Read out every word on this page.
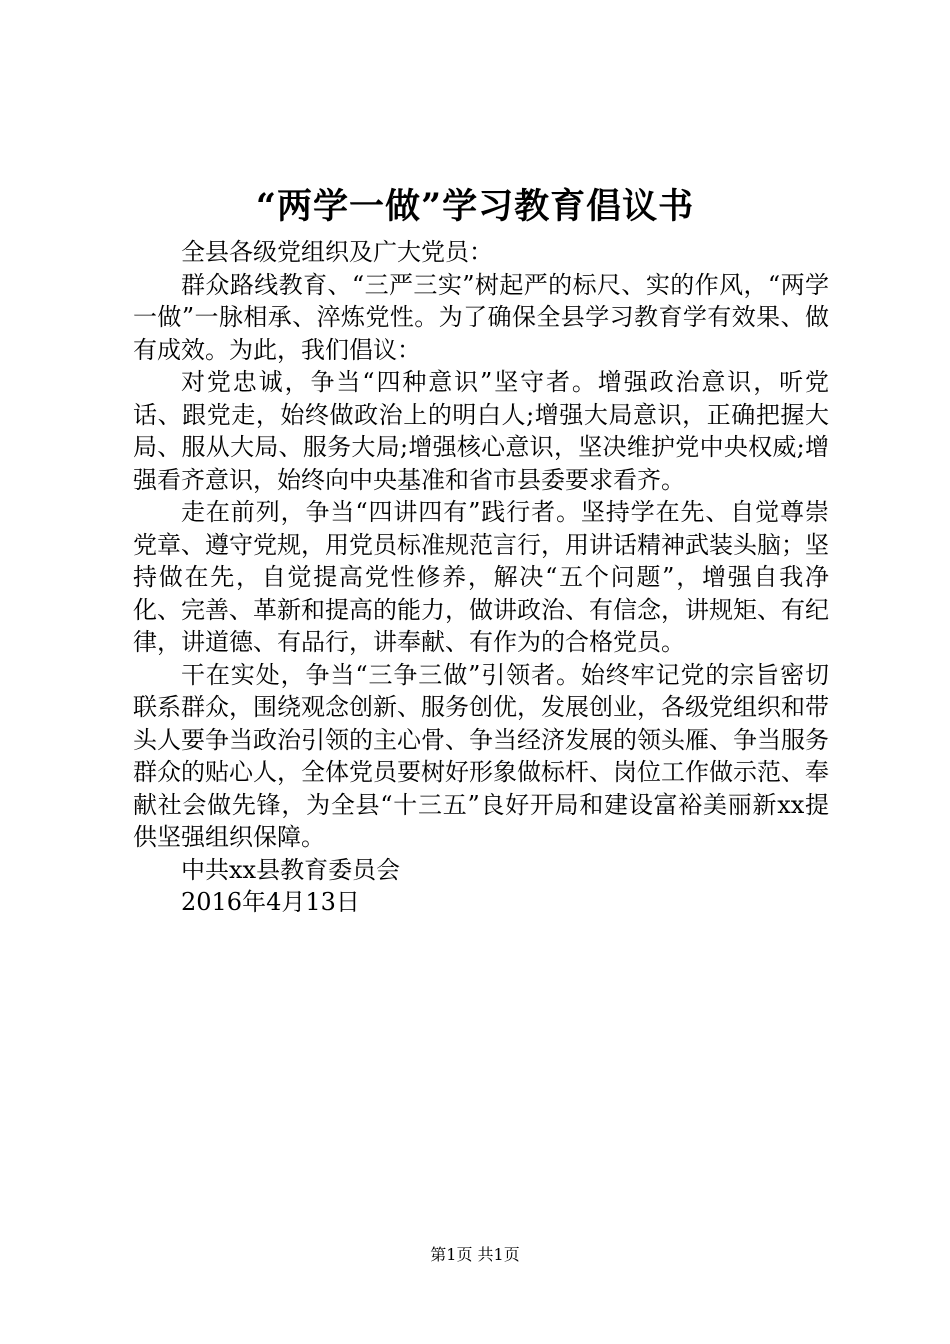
“两学一做”学习教育倡议书

全县各级党组织及广大党员：

群众路线教育、“三严三实”树起严的标尺、实的作风，“两学一做”一脉相承、淬炼党性。为了确保全县学习教育学有效果、做有成效。为此，我们倡议：

对党忠诚，争当“四种意识”坚守者。增强政治意识，听党话、跟党走，始终做政治上的明白人;增强大局意识，正确把握大局、服从大局、服务大局;增强核心意识，坚决维护党中央权威;增强看齐意识，始终向中央基准和省市县委要求看齐。

走在前列，争当“四讲四有”践行者。坚持学在先、自觉尊崇党章、遵守党规，用党员标准规范言行，用讲话精神武装头脑；坚持做在先，自觉提高党性修养，解决“五个问题”，增强自我净化、完善、革新和提高的能力，做讲政治、有信念，讲规矩、有纪律，讲道德、有品行，讲奉献、有作为的合格党员。

干在实处，争当“三争三做”引领者。始终牢记党的宗旨密切联系群众，围绕观念创新、服务创优，发展创业，各级党组织和带头人要争当政治引领的主心骨、争当经济发展的领头雁、争当服务群众的贴心人，全体党员要树好形象做标杆、岗位工作做示范、奉献社会做先锋，为全县“十三五”良好开局和建设富裕美丽新xx提供坚强组织保障。

中共xx县教育委员会

2016年4月13日

第1页 共1页
